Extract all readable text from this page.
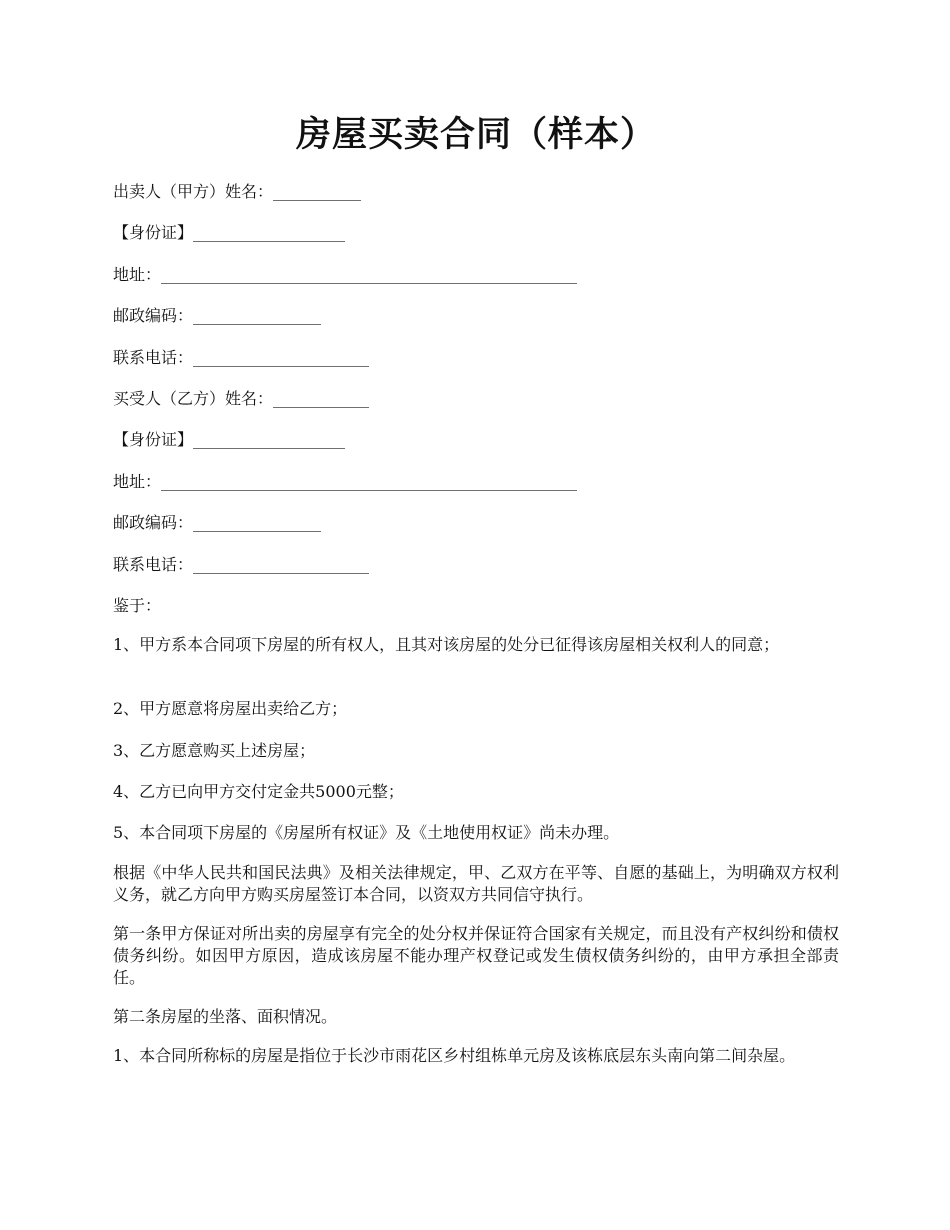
房屋买卖合同（样本）
出卖人（甲方）姓名：___________
【身份证】___________________
地址：____________________________________________________
邮政编码：________________
联系电话：______________________
买受人（乙方）姓名：____________
【身份证】___________________
地址：____________________________________________________
邮政编码：________________
联系电话：______________________
鉴于：
1、甲方系本合同项下房屋的所有权人，且其对该房屋的处分已征得该房屋相关权利人的同意；
2、甲方愿意将房屋出卖给乙方；
3、乙方愿意购买上述房屋；
4、乙方已向甲方交付定金共5000元整；
5、本合同项下房屋的《房屋所有权证》及《土地使用权证》尚未办理。
根据《中华人民共和国民法典》及相关法律规定，甲、乙双方在平等、自愿的基础上，为明确双方权利义务，就乙方向甲方购买房屋签订本合同，以资双方共同信守执行。
第一条甲方保证对所出卖的房屋享有完全的处分权并保证符合国家有关规定，而且没有产权纠纷和债权债务纠纷。如因甲方原因，造成该房屋不能办理产权登记或发生债权债务纠纷的，由甲方承担全部责任。
第二条房屋的坐落、面积情况。
1、本合同所称标的房屋是指位于长沙市雨花区乡村组栋单元房及该栋底层东头南向第二间杂屋。
